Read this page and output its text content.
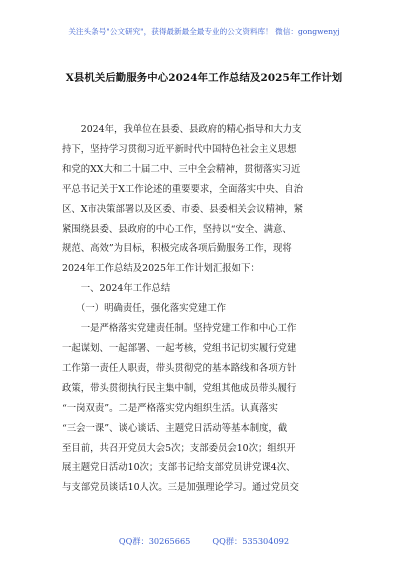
关注头条号"公文研究"，获得最新最全最专业的公文资料库！ 微信：gongwenyj
X县机关后勤服务中心2024年工作总结及2025年工作计划

　　2024年，我单位在县委、县政府的精心指导和大力支

持下，坚持学习贯彻习近平新时代中国特色社会主义思想

和党的XX大和二十届二中、三中全会精神，贯彻落实习近

平总书记关于X工作论述的重要要求，全面落实中央、自治

区、X市决策部署以及区委、市委、县委相关会议精神，紧

紧围绕县委、县政府的中心工作，坚持以“安全、满意、

规范、高效”为目标，积极完成各项后勤服务工作，现将

2024年工作总结及2025年工作计划汇报如下：

　　一、2024年工作总结

　　（一）明确责任，强化落实党建工作

　　一是严格落实党建责任制。坚持党建工作和中心工作

一起谋划、一起部署、一起考核，党组书记切实履行党建

工作第一责任人职责，带头贯彻党的基本路线和各项方针

政策，带头贯彻执行民主集中制，党组其他成员带头履行

“一岗双责”。二是严格落实党内组织生活。认真落实

“三会一课”、谈心谈话、主题党日活动等基本制度，截

至目前，共召开党员大会5次；支部委员会10次；组织开

展主题党日活动10次；支部书记给支部党员讲党课4次、

与支部党员谈话10人次。三是加强理论学习。通过党员交

QQ群：30265665	QQ群：535304092
